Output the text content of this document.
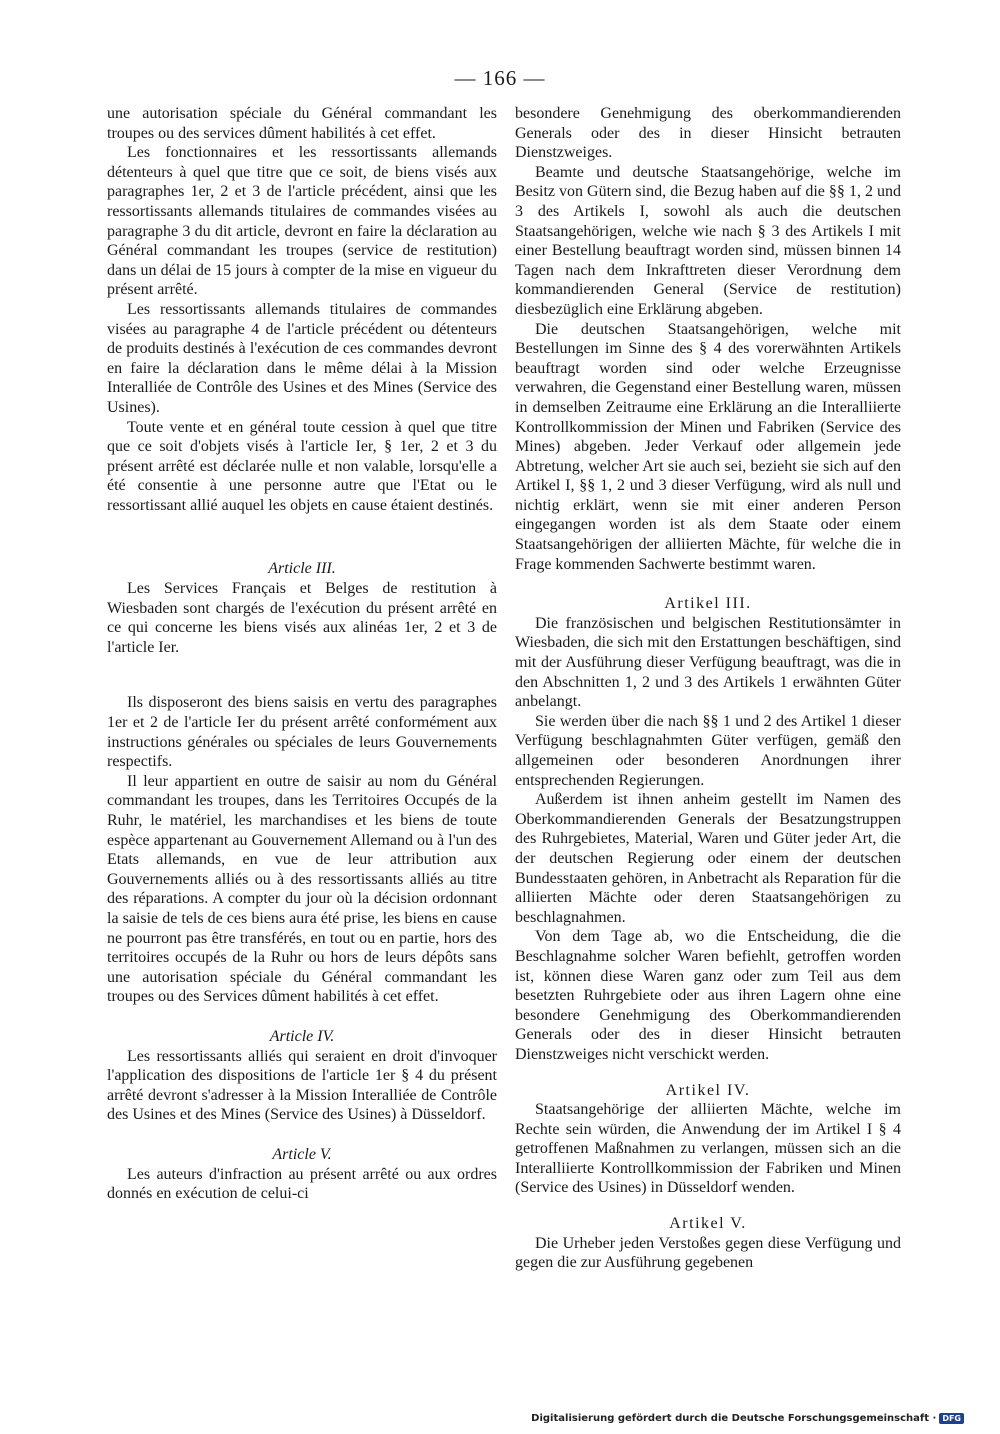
— 166 —

une autorisation spéciale du Général commandant les troupes ou des services dûment habilités à cet effet.

Les fonctionnaires et les ressortissants allemands détenteurs à quel que titre que ce soit, de biens visés aux paragraphes 1er, 2 et 3 de l'article précédent, ainsi que les ressortissants allemands titulaires de commandes visées au paragraphe 3 du dit article, devront en faire la déclaration au Général commandant les troupes (service de restitution) dans un délai de 15 jours à compter de la mise en vigueur du présent arrêté.

Les ressortissants allemands titulaires de commandes visées au paragraphe 4 de l'article précédent ou détenteurs de produits destinés à l'exécution de ces commandes devront en faire la déclaration dans le même délai à la Mission Interalliée de Contrôle des Usines et des Mines (Service des Usines).

Toute vente et en général toute cession à quel que titre que ce soit d'objets visés à l'article Ier, § 1er, 2 et 3 du présent arrêté est déclarée nulle et non valable, lorsqu'elle a été consentie à une personne autre que l'Etat ou le ressortissant allié auquel les objets en cause étaient destinés.

Article III.

Les Services Français et Belges de restitution à Wiesbaden sont chargés de l'exécution du présent arrêté en ce qui concerne les biens visés aux alinéas 1er, 2 et 3 de l'article Ier.

Ils disposeront des biens saisis en vertu des paragraphes 1er et 2 de l'article Ier du présent arrêté conformément aux instructions générales ou spéciales de leurs Gouvernements respectifs.

Il leur appartient en outre de saisir au nom du Général commandant les troupes, dans les Territoires Occupés de la Ruhr, le matériel, les marchandises et les biens de toute espèce appartenant au Gouvernement Allemand ou à l'un des Etats allemands, en vue de leur attribution aux Gouvernements alliés ou à des ressortissants alliés au titre des réparations. A compter du jour où la décision ordonnant la saisie de tels de ces biens aura été prise, les biens en cause ne pourront pas être transférés, en tout ou en partie, hors des territoires occupés de la Ruhr ou hors de leurs dépôts sans une autorisation spéciale du Général commandant les troupes ou des Services dûment habilités à cet effet.

Article IV.

Les ressortissants alliés qui seraient en droit d'invoquer l'application des dispositions de l'article 1er § 4 du présent arrêté devront s'adresser à la Mission Interalliée de Contrôle des Usines et des Mines (Service des Usines) à Düsseldorf.

Article V.

Les auteurs d'infraction au présent arrêté ou aux ordres donnés en exécution de celui-ci

besondere Genehmigung des oberkommandierenden Generals oder des in dieser Hinsicht betrauten Dienstzweiges.

Beamte und deutsche Staatsangehörige, welche im Besitz von Gütern sind, die Bezug haben auf die §§ 1, 2 und 3 des Artikels I, sowohl als auch die deutschen Staatsangehörigen, welche wie nach § 3 des Artikels I mit einer Bestellung beauftragt worden sind, müssen binnen 14 Tagen nach dem Inkrafttreten dieser Verordnung dem kommandierenden General (Service de restitution) diesbezüglich eine Erklärung abgeben.

Die deutschen Staatsangehörigen, welche mit Bestellungen im Sinne des § 4 des vorerwähnten Artikels beauftragt worden sind oder welche Erzeugnisse verwahren, die Gegenstand einer Bestellung waren, müssen in demselben Zeitraume eine Erklärung an die Interalliierte Kontrollkommission der Minen und Fabriken (Service des Mines) abgeben. Jeder Verkauf oder allgemein jede Abtretung, welcher Art sie auch sei, bezieht sie sich auf den Artikel I, §§ 1, 2 und 3 dieser Verfügung, wird als null und nichtig erklärt, wenn sie mit einer anderen Person eingegangen worden ist als dem Staate oder einem Staatsangehörigen der alliierten Mächte, für welche die in Frage kommenden Sachwerte bestimmt waren.

Artikel III.

Die französischen und belgischen Restitutionsämter in Wiesbaden, die sich mit den Erstattungen beschäftigen, sind mit der Ausführung dieser Verfügung beauftragt, was die in den Abschnitten 1, 2 und 3 des Artikels 1 erwähnten Güter anbelangt.

Sie werden über die nach §§ 1 und 2 des Artikel 1 dieser Verfügung beschlagnahmten Güter verfügen, gemäß den allgemeinen oder besonderen Anordnungen ihrer entsprechenden Regierungen.

Außerdem ist ihnen anheim gestellt im Namen des Oberkommandierenden Generals der Besatzungstruppen des Ruhrgebietes, Material, Waren und Güter jeder Art, die der deutschen Regierung oder einem der deutschen Bundesstaaten gehören, in Anbetracht als Reparation für die alliierten Mächte oder deren Staatsangehörigen zu beschlagnahmen.

Von dem Tage ab, wo die Entscheidung, die die Beschlagnahme solcher Waren befiehlt, getroffen worden ist, können diese Waren ganz oder zum Teil aus dem besetzten Ruhrgebiete oder aus ihren Lagern ohne eine besondere Genehmigung des Oberkommandierenden Generals oder des in dieser Hinsicht betrauten Dienstzweiges nicht verschickt werden.

Artikel IV.

Staatsangehörige der alliierten Mächte, welche im Rechte sein würden, die Anwendung der im Artikel I § 4 getroffenen Maßnahmen zu verlangen, müssen sich an die Interalliierte Kontrollkommission der Fabriken und Minen (Service des Usines) in Düsseldorf wenden.

Artikel V.

Die Urheber jeden Verstoßes gegen diese Verfügung und gegen die zur Ausführung gegebenen

Digitalisierung gefördert durch die Deutsche Forschungsgemeinschaft · DFG
